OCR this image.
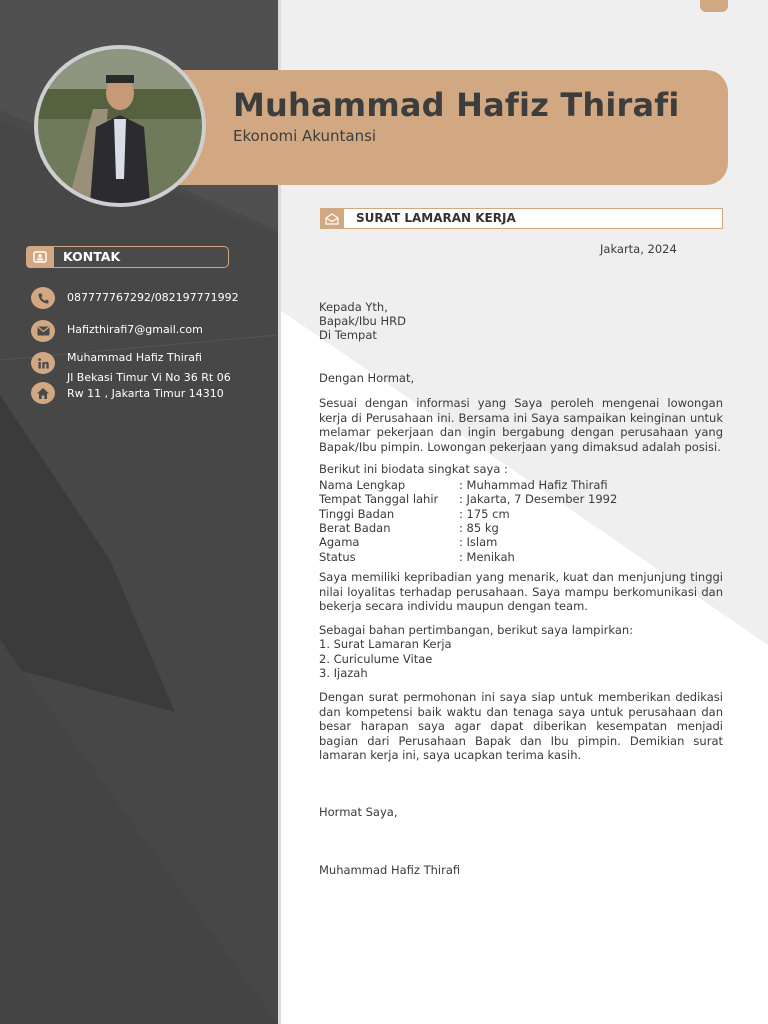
Muhammad Hafiz Thirafi
Ekonomi Akuntansi
KONTAK
087777767292/082197771992
Hafizthirafi7@gmail.com
Muhammad Hafiz Thirafi
Jl Bekasi Timur Vi No 36 Rt 06
Rw 11 , Jakarta Timur 14310
SURAT LAMARAN KERJA
Jakarta, 2024
Kepada Yth,
Bapak/Ibu HRD
Di Tempat
Dengan Hormat,
Sesuai dengan informasi yang Saya peroleh mengenai lowongan kerja di Perusahaan ini. Bersama ini Saya sampaikan keinginan untuk melamar pekerjaan dan ingin bergabung dengan perusahaan yang Bapak/Ibu pimpin. Lowongan pekerjaan yang dimaksud adalah posisi.
Berikut ini biodata singkat saya :
Nama Lengkap	: Muhammad Hafiz Thirafi
Tempat Tanggal lahir : Jakarta, 7 Desember 1992
Tinggi Badan	: 175 cm
Berat Badan	: 85 kg
Agama	: Islam
Status	: Menikah
Saya memiliki kepribadian yang menarik, kuat dan menjunjung tinggi nilai loyalitas terhadap perusahaan. Saya mampu berkomunikasi dan bekerja secara individu maupun dengan team.
Sebagai bahan pertimbangan, berikut saya lampirkan:
1. Surat Lamaran Kerja
2. Curiculume Vitae
3. Ijazah
Dengan surat permohonan ini saya siap untuk memberikan dedikasi dan kompetensi baik waktu dan tenaga saya untuk perusahaan dan besar harapan saya agar dapat diberikan kesempatan menjadi bagian dari Perusahaan Bapak dan Ibu pimpin. Demikian surat lamaran kerja ini, saya ucapkan terima kasih.
Hormat Saya,
Muhammad Hafiz Thirafi
